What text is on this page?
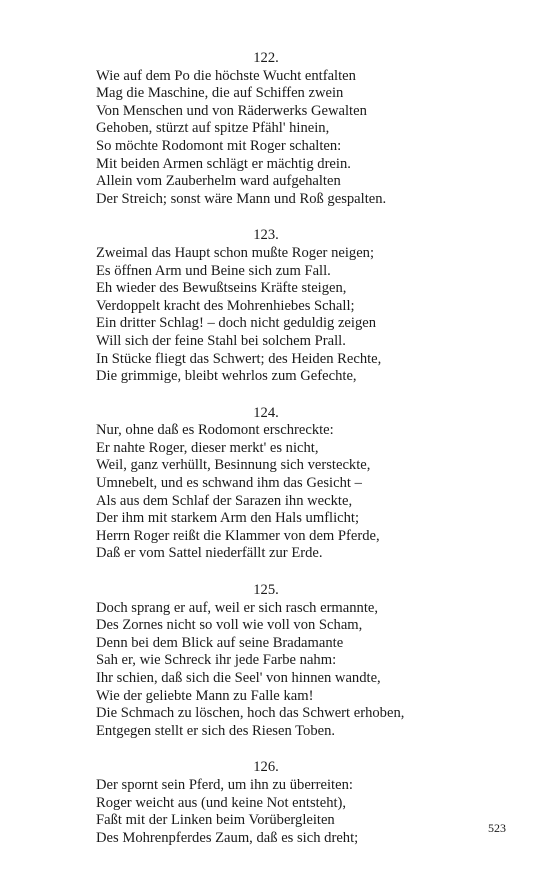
122.
Wie auf dem Po die höchste Wucht entfalten
Mag die Maschine, die auf Schiffen zwein
Von Menschen und von Räderwerks Gewalten
Gehoben, stürzt auf spitze Pfähl' hinein,
So möchte Rodomont mit Roger schalten:
Mit beiden Armen schlägt er mächtig drein.
Allein vom Zauberhelm ward aufgehalten
Der Streich; sonst wäre Mann und Roß gespalten.
123.
Zweimal das Haupt schon mußte Roger neigen;
Es öffnen Arm und Beine sich zum Fall.
Eh wieder des Bewußtseins Kräfte steigen,
Verdoppelt kracht des Mohrenhiebes Schall;
Ein dritter Schlag! – doch nicht geduldig zeigen
Will sich der feine Stahl bei solchem Prall.
In Stücke fliegt das Schwert; des Heiden Rechte,
Die grimmige, bleibt wehrlos zum Gefechte,
124.
Nur, ohne daß es Rodomont erschreckte:
Er nahte Roger, dieser merkt' es nicht,
Weil, ganz verhüllt, Besinnung sich versteckte,
Umnebelt, und es schwand ihm das Gesicht –
Als aus dem Schlaf der Sarazen ihn weckte,
Der ihm mit starkem Arm den Hals umflicht;
Herrn Roger reißt die Klammer von dem Pferde,
Daß er vom Sattel niederfällt zur Erde.
125.
Doch sprang er auf, weil er sich rasch ermannte,
Des Zornes nicht so voll wie voll von Scham,
Denn bei dem Blick auf seine Bradamante
Sah er, wie Schreck ihr jede Farbe nahm:
Ihr schien, daß sich die Seel' von hinnen wandte,
Wie der geliebte Mann zu Falle kam!
Die Schmach zu löschen, hoch das Schwert erhoben,
Entgegen stellt er sich des Riesen Toben.
126.
Der spornt sein Pferd, um ihn zu überreiten:
Roger weicht aus (und keine Not entsteht),
Faßt mit der Linken beim Vorübergleiten
Des Mohrenpferdes Zaum, daß es sich dreht;
523
